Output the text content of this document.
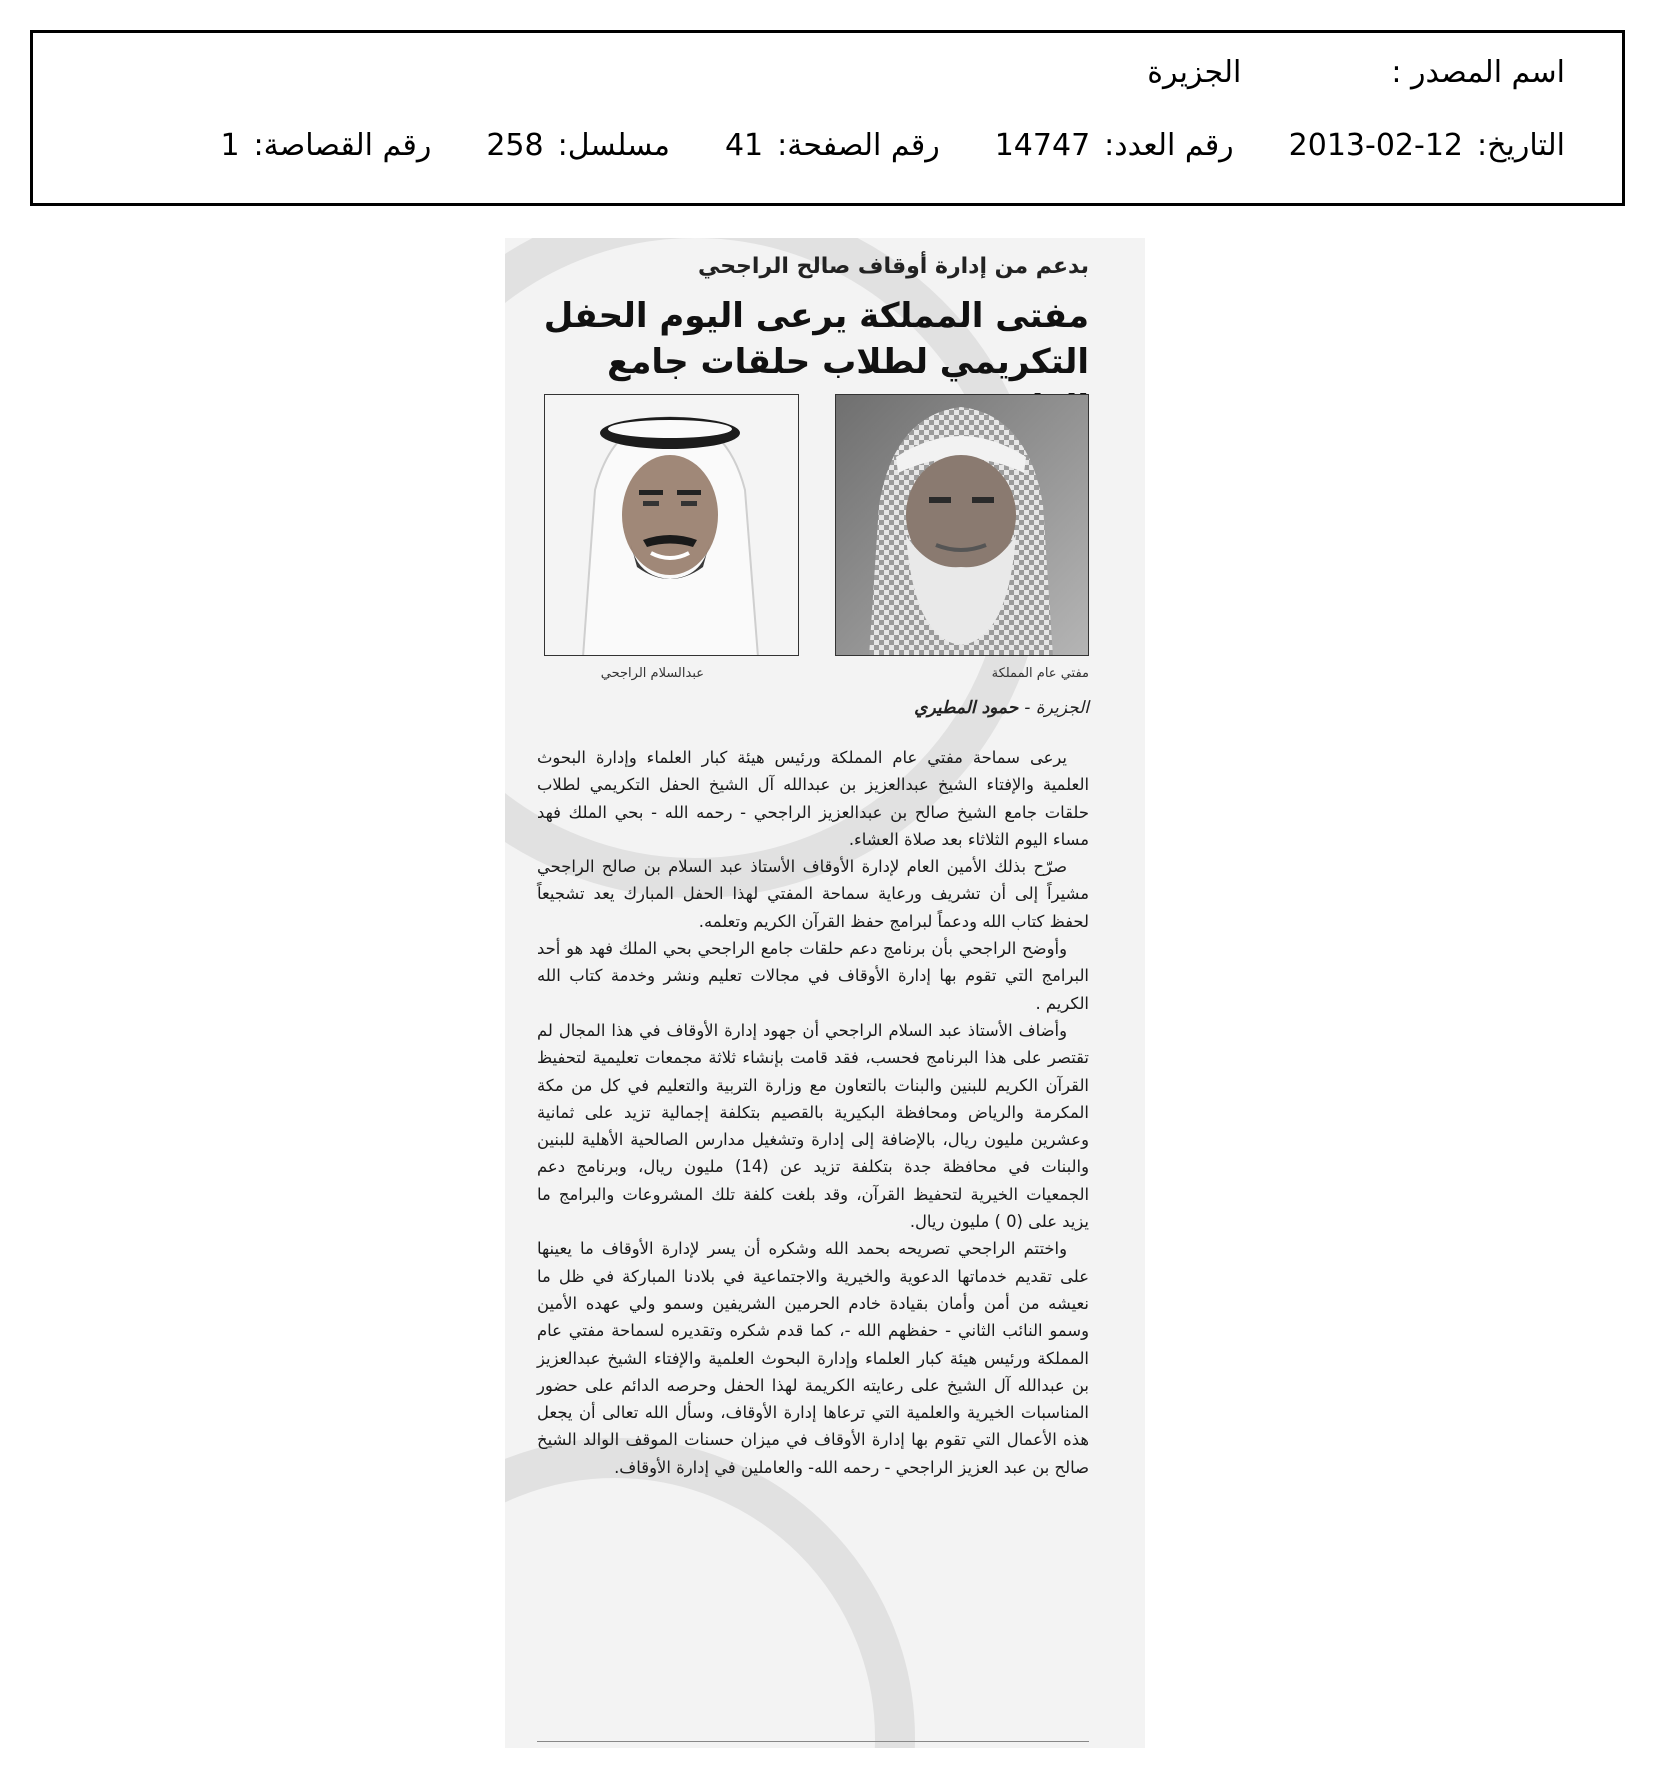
اسم المصدر :
الجزيرة
التاريخ:
2013-02-12
رقم العدد:
14747
رقم الصفحة:
41
مسلسل:
258
رقم القصاصة:
1
بدعم من إدارة أوقاف صالح الراجحي
مفتى المملكة يرعى اليوم الحفل التكريمي لطلاب حلقات جامع
مفتي عام المملكة
عبدالسلام الراجحي
الجزيرة - حمود المطيري

يرعى سماحة مفتي عام المملكة ورئيس هيئة كبار العلماء وإدارة البحوث العلمية والإفتاء الشيخ عبدالعزيز بن عبدالله آل الشيخ الحفل التكريمي لطلاب حلقات جامع الشيخ صالح بن عبدالعزيز الراجحي - رحمه الله - بحي الملك فهد مساء اليوم الثلاثاء بعد صلاة العشاء.

صرّح بذلك الأمين العام لإدارة الأوقاف الأستاذ عبد السلام بن صالح الراجحي مشيراً إلى أن تشريف ورعاية سماحة المفتي لهذا الحفل المبارك يعد تشجيعاً لحفظ كتاب الله ودعماً لبرامج حفظ القرآن الكريم وتعلمه.

وأوضح الراجحي بأن برنامج دعم حلقات جامع الراجحي بحي الملك فهد هو أحد البرامج التي تقوم بها إدارة الأوقاف في مجالات تعليم ونشر وخدمة كتاب الله الكريم .

وأضاف الأستاذ عبد السلام الراجحي أن جهود إدارة الأوقاف في هذا المجال لم تقتصر على هذا البرنامج فحسب، فقد قامت بإنشاء ثلاثة مجمعات تعليمية لتحفيظ القرآن الكريم للبنين والبنات بالتعاون مع وزارة التربية والتعليم في كل من مكة المكرمة والرياض ومحافظة البكيرية بالقصيم بتكلفة إجمالية تزيد على ثمانية وعشرين مليون ريال، بالإضافة إلى إدارة وتشغيل مدارس الصالحية الأهلية للبنين والبنات في محافظة جدة بتكلفة تزيد عن (14) مليون ريال، وبرنامج دعم الجمعيات الخيرية لتحفيظ القرآن، وقد بلغت كلفة تلك المشروعات والبرامج ما يزيد على (0 ) مليون ريال.

واختتم الراجحي تصريحه بحمد الله وشكره أن يسر لإدارة الأوقاف ما يعينها على تقديم خدماتها الدعوية والخيرية والاجتماعية في بلادنا المباركة في ظل ما نعيشه من أمن وأمان بقيادة خادم الحرمين الشريفين وسمو ولي عهده الأمين وسمو النائب الثاني - حفظهم الله -، كما قدم شكره وتقديره لسماحة مفتي عام المملكة ورئيس هيئة كبار العلماء وإدارة البحوث العلمية والإفتاء الشيخ عبدالعزيز بن عبدالله آل الشيخ على رعايته الكريمة لهذا الحفل وحرصه الدائم على حضور المناسبات الخيرية والعلمية التي ترعاها إدارة الأوقاف، وسأل الله تعالى أن يجعل هذه الأعمال التي تقوم بها إدارة الأوقاف في ميزان حسنات الموقف الوالد الشيخ صالح بن عبد العزيز الراجحي - رحمه الله- والعاملين في إدارة الأوقاف.
